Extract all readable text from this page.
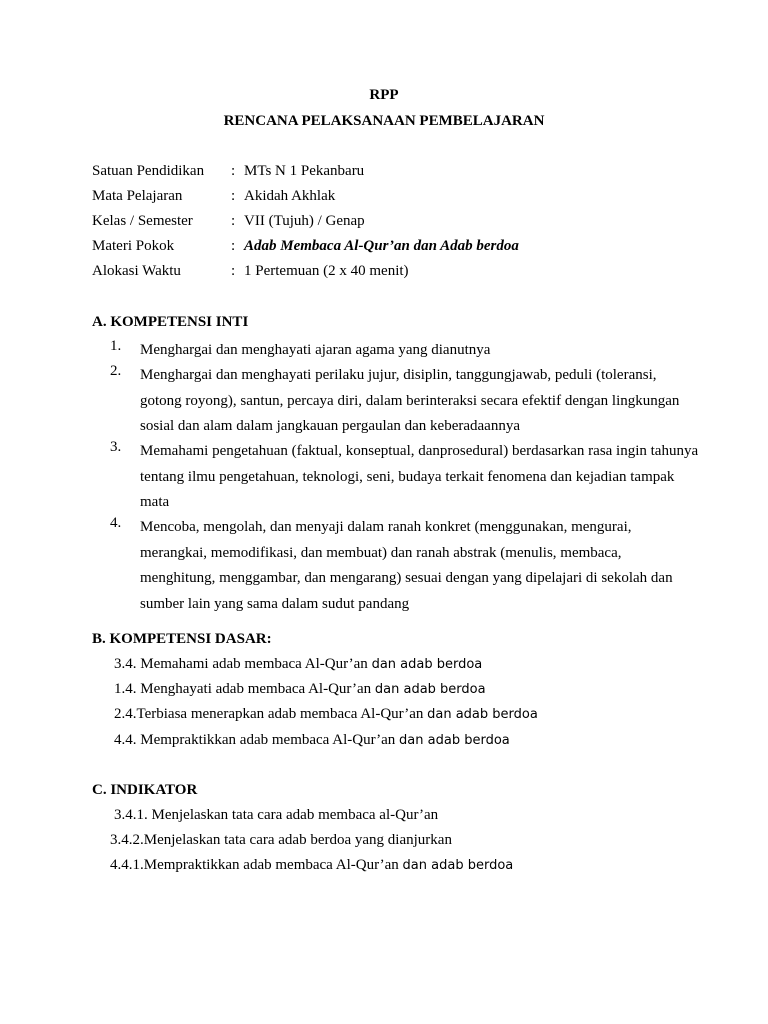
RPP
RENCANA PELAKSANAAN PEMBELAJARAN
Satuan Pendidikan : MTs N 1 Pekanbaru
Mata Pelajaran	: Akidah Akhlak
Kelas / Semester	: VII (Tujuh) / Genap
Materi Pokok	: Adab Membaca Al-Qur’an dan Adab berdoa
Alokasi Waktu	: 1 Pertemuan (2 x 40 menit)
A. KOMPETENSI INTI
1. Menghargai dan menghayati ajaran agama yang dianutnya
2. Menghargai dan menghayati perilaku jujur, disiplin, tanggungjawab, peduli (toleransi, gotong royong), santun, percaya diri, dalam berinteraksi secara efektif dengan lingkungan sosial dan alam dalam jangkauan pergaulan dan keberadaannya
3. Memahami pengetahuan (faktual, konseptual, danprosedural) berdasarkan rasa ingin tahunya tentang ilmu pengetahuan, teknologi, seni, budaya terkait fenomena dan kejadian tampak mata
4. Mencoba, mengolah, dan menyaji dalam ranah konkret (menggunakan, mengurai, merangkai, memodifikasi, dan membuat) dan ranah abstrak (menulis, membaca, menghitung, menggambar, dan mengarang) sesuai dengan yang dipelajari di sekolah dan sumber lain yang sama dalam sudut pandang
B. KOMPETENSI DASAR:
3.4. Memahami adab membaca Al-Qur’an dan adab berdoa
1.4. Menghayati adab membaca Al-Qur’an dan adab berdoa
2.4.Terbiasa menerapkan adab membaca Al-Qur’an dan adab berdoa
4.4. Mempraktikkan adab membaca Al-Qur’an dan adab berdoa
C. INDIKATOR
3.4.1. Menjelaskan tata cara adab membaca al-Qur’an
3.4.2.Menjelaskan tata cara adab berdoa yang dianjurkan
4.4.1.Mempraktikkan adab membaca Al-Qur’an dan adab berdoa
